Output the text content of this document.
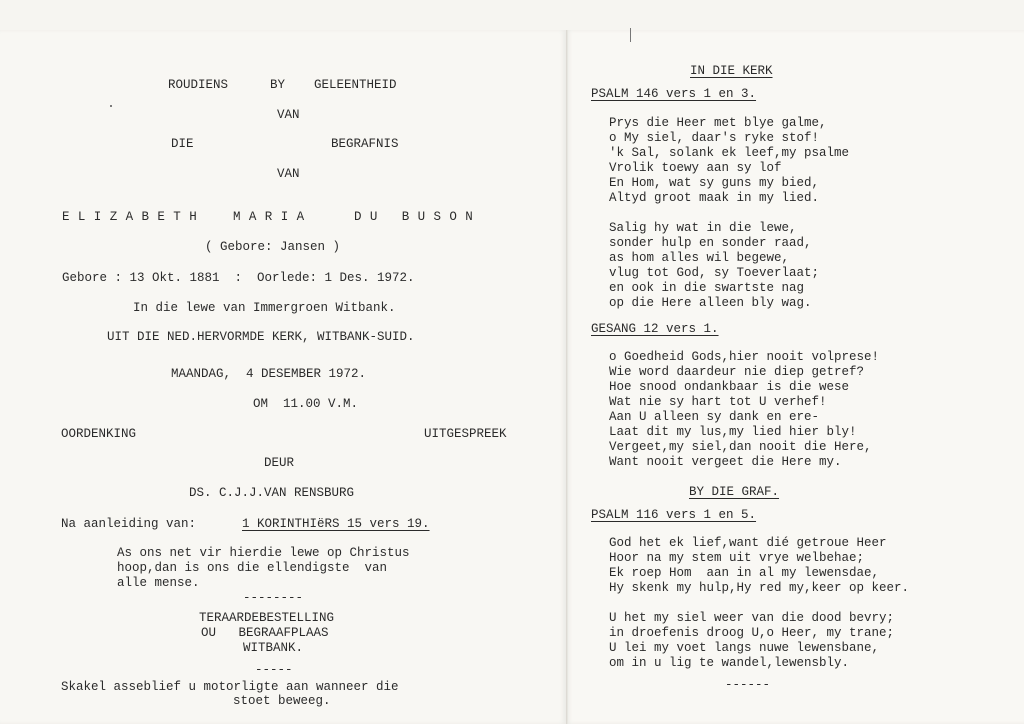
ROUDIENS	BY GELEENTHEID
VAN
DIE	BEGRAFNIS
VAN
ELIZABETH MARIA	DU BUSON
( Gebore: Jansen )
Gebore : 13 Okt. 1881  :  Oorlede: 1 Des. 1972.
In die lewe van Immergroen Witbank.
UIT DIE NED.HERVORMDE KERK, WITBANK-SUID.
MAANDAG,  4 DESEMBER 1972.
OM  11.00 V.M.
OORDENKING	UITGESPREEK
DEUR
DS. C.J.J.VAN RENSBURG
Na aanleiding van:	1 KORINTHIëRS 15 vers 19.
As ons net vir hierdie lewe op Christus
hoop,dan is ons die ellendigste  van
alle mense.
--------
TERAARDEBESTELLING
OU   BEGRAAFPLAAS
WITBANK.
-----
Skakel asseblief u motorligte aan wanneer die
stoet beweeg.
IN DIE KERK
PSALM 146 vers 1 en 3.
Prys die Heer met blye galme,
o My siel, daar's ryke stof!
'k Sal, solank ek leef,my psalme
Vrolik toewy aan sy lof
En Hom, wat sy guns my bied,
Altyd groot maak in my lied.
Salig hy wat in die lewe,
sonder hulp en sonder raad,
as hom alles wil begewe,
vlug tot God, sy Toeverlaat;
en ook in die swartste nag
op die Here alleen bly wag.
GESANG 12 vers 1.
o Goedheid Gods,hier nooit volprese!
Wie word daardeur nie diep getref?
Hoe snood ondankbaar is die wese
Wat nie sy hart tot U verhef!
Aan U alleen sy dank en ere-
Laat dit my lus,my lied hier bly!
Vergeet,my siel,dan nooit die Here,
Want nooit vergeet die Here my.
BY DIE GRAF.
PSALM 116 vers 1 en 5.
God het ek lief,want dié getroue Heer
Hoor na my stem uit vrye welbehae;
Ek roep Hom  aan in al my lewensdae,
Hy skenk my hulp,Hy red my,keer op keer.
U het my siel weer van die dood bevry;
in droefenis droog U,o Heer, my trane;
U lei my voet langs nuwe lewensbane,
om in u lig te wandel,lewensbly.
------
